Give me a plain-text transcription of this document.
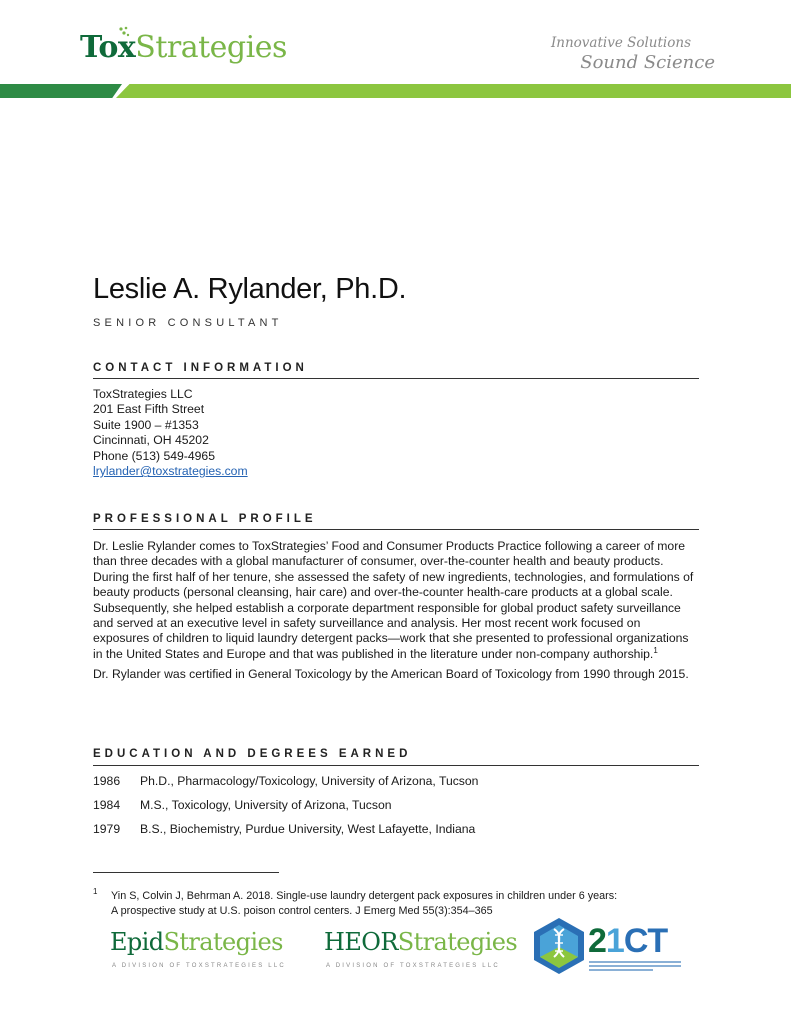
ToxStrategies	Innovative Solutions
Sound Science
Leslie A. Rylander, Ph.D.
SENIOR CONSULTANT
CONTACT INFORMATION
ToxStrategies LLC
201 East Fifth Street
Suite 1900 – #1353
Cincinnati, OH 45202
Phone (513) 549-4965
lrylander@toxstrategies.com
PROFESSIONAL PROFILE

Dr. Leslie Rylander comes to ToxStrategies’ Food and Consumer Products Practice following a career of more than three decades with a global manufacturer of consumer, over-the-counter health and beauty products. During the first half of her tenure, she assessed the safety of new ingredients, technologies, and formulations of beauty products (personal cleansing, hair care) and over-the-counter health-care products at a global scale. Subsequently, she helped establish a corporate department responsible for global product safety surveillance and served at an executive level in safety surveillance and analysis. Her most recent work focused on exposures of children to liquid laundry detergent packs—work that she presented to professional organizations in the United States and Europe and that was published in the literature under non-company authorship.$^1$

Dr. Rylander was certified in General Toxicology by the American Board of Toxicology from 1990 through 2015.

EDUCATION AND DEGREES EARNED
1986 Ph.D., Pharmacology/Toxicology, University of Arizona, Tucson
1984 M.S., Toxicology, University of Arizona, Tucson
1979 B.S., Biochemistry, Purdue University, West Lafayette, Indiana
1 Yin S, Colvin J, Behrman A. 2018. Single-use laundry detergent pack exposures in children under 6 years:
A prospective study at U.S. poison control centers. J Emerg Med 55(3):354–365
EpidStrategies
A DIVISION OF TOXSTRATEGIES LLC
HEORStrategies
A DIVISION OF TOXSTRATEGIES LLC
21CT
